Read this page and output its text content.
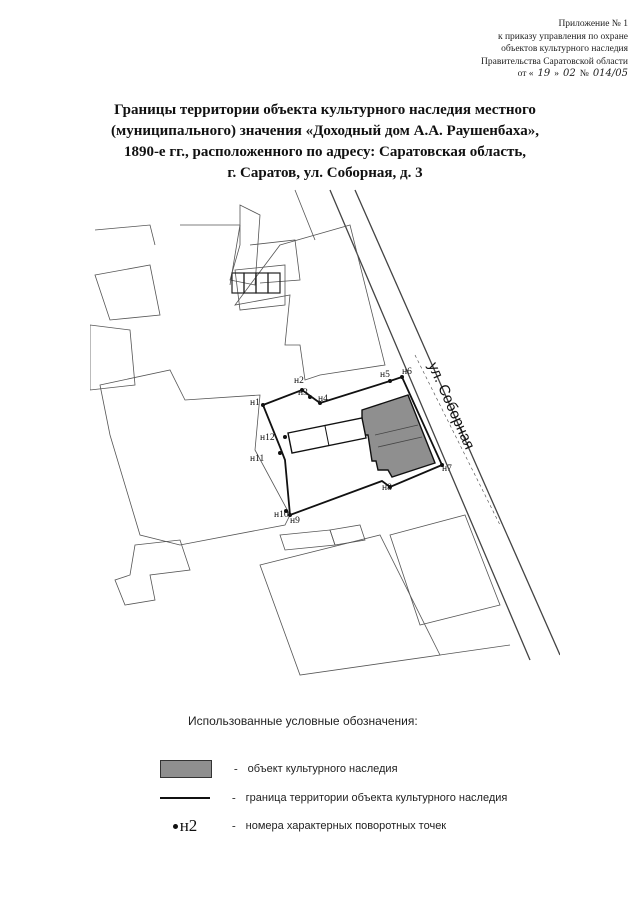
Приложение № 1
к приказу управления по охране
объектов культурного наследия
Правительства Саратовской области
от « 19 » 02 № 014/05
Границы территории объекта культурного наследия местного
(муниципального) значения «Доходный дом А.А. Раушенбаха»,
1890-е гг., расположенного по адресу: Саратовская область,
г. Саратов, ул. Соборная, д. 3
н1
н2
н3
н4
н5 н6
н7
н8
н9
н10
н11
н12	ул. Соборная
Использованные условные обозначения:
- объект культурного наследия
- граница территории объекта культурного наследия
н2	- номера характерных поворотных точек
